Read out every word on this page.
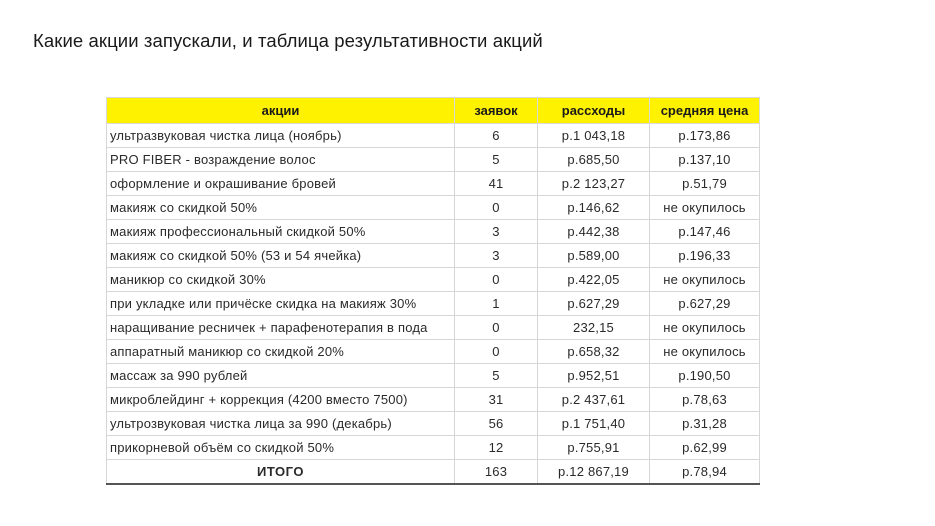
Какие акции запускали, и таблица результативности акций
акции	заявок	рассходы	средняя цена
ультразвуковая чистка лица (ноябрь)	6	р.1 043,18	р.173,86
PRO FIBER - возраждение волос	5	р.685,50	р.137,10
оформление и окрашивание бровей	41	р.2 123,27	р.51,79
макияж со скидкой 50%	0	р.146,62	не окупилось
макияж профессиональный скидкой 50%	3	р.442,38	р.147,46
макияж со скидкой 50% (53 и 54 ячейка)	3	р.589,00	р.196,33
маникюр со скидкой 30%	0	р.422,05	не окупилось
при укладке или причёске скидка на макияж 30%	1	р.627,29	р.627,29
наращивание ресничек + парафенотерапия в пода	0	232,15	не окупилось
аппаратный маникюр со скидкой 20%	0	р.658,32	не окупилось
массаж за 990 рублей	5	р.952,51	р.190,50
микроблейдинг + коррекция (4200 вместо 7500)	31	р.2 437,61	р.78,63
ультрозвуковая чистка лица за 990 (декабрь)	56	р.1 751,40	р.31,28
прикорневой объём со скидкой 50%	12	р.755,91	р.62,99
ИТОГО	163	р.12 867,19	р.78,94
